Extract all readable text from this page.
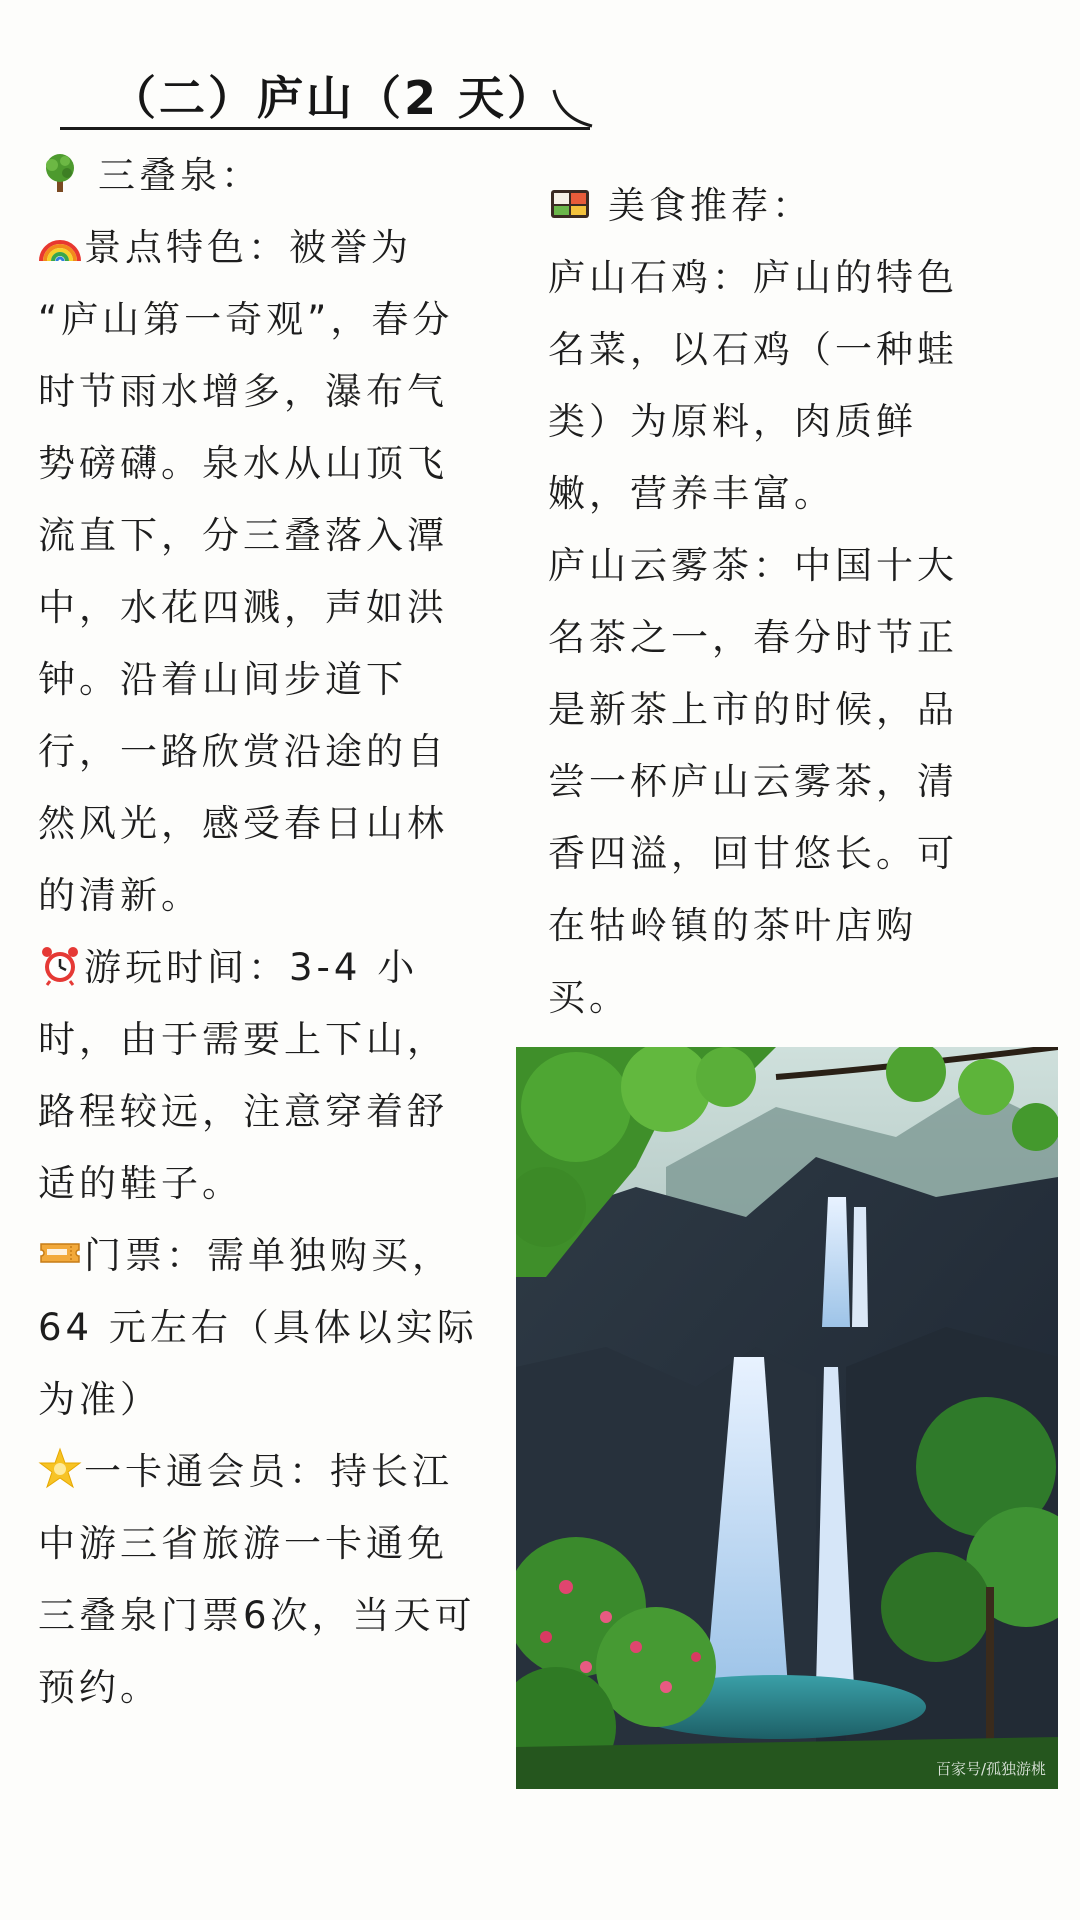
（二）庐山（2 天）

三叠泉：

景点特色：被誉为 “庐山第一奇观”，春分时节雨水增多，瀑布气势磅礴。泉水从山顶飞流直下，分三叠落入潭中，水花四溅，声如洪钟。沿着山间步道下行，一路欣赏沿途的自然风光，感受春日山林的清新。

游玩时间：3-4 小时，由于需要上下山，路程较远，注意穿着舒适的鞋子。

门票：需单独购买，64 元左右（具体以实际为准）

一卡通会员：持长江中游三省旅游一卡通免三叠泉门票6次，当天可预约。

美食推荐：

庐山石鸡：庐山的特色名菜，以石鸡（一种蛙类）为原料，肉质鲜嫩，营养丰富。

庐山云雾茶：中国十大名茶之一，春分时节正是新茶上市的时候，品尝一杯庐山云雾茶，清香四溢，回甘悠长。可在牯岭镇的茶叶店购买。

百家号/孤独游桃
